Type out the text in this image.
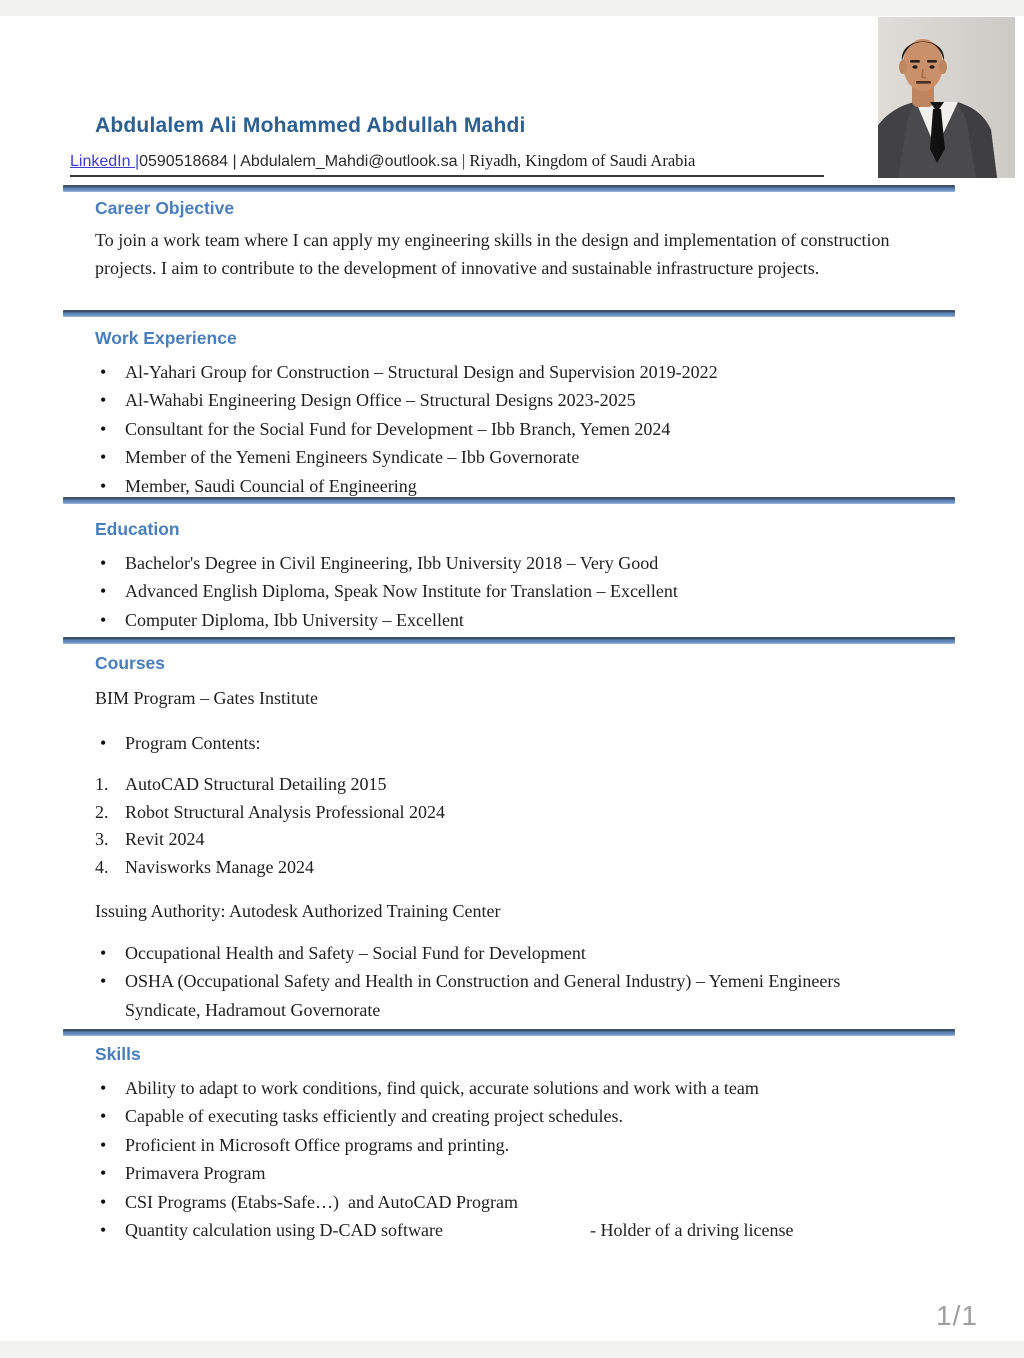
Abdulalem Ali Mohammed Abdullah Mahdi
LinkedIn |0590518684 | Abdulalem_Mahdi@outlook.sa | Riyadh, Kingdom of Saudi Arabia
Career Objective
To join a work team where I can apply my engineering skills in the design and implementation of construction projects. I aim to contribute to the development of innovative and sustainable infrastructure projects.
Work Experience
• Al-Yahari Group for Construction – Structural Design and Supervision 2019-2022
• Al-Wahabi Engineering Design Office – Structural Designs 2023-2025
• Consultant for the Social Fund for Development – Ibb Branch, Yemen 2024
• Member of the Yemeni Engineers Syndicate – Ibb Governorate
• Member, Saudi Councial of Engineering
Education
• Bachelor's Degree in Civil Engineering, Ibb University 2018 – Very Good
• Advanced English Diploma, Speak Now Institute for Translation – Excellent
• Computer Diploma, Ibb University – Excellent
Courses
BIM Program – Gates Institute
• Program Contents:
1. AutoCAD Structural Detailing 2015
2. Robot Structural Analysis Professional 2024
3. Revit 2024
4. Navisworks Manage 2024
Issuing Authority: Autodesk Authorized Training Center
• Occupational Health and Safety – Social Fund for Development
• OSHA (Occupational Safety and Health in Construction and General Industry) – Yemeni Engineers Syndicate, Hadramout Governorate
Skills
• Ability to adapt to work conditions, find quick, accurate solutions and work with a team
• Capable of executing tasks efficiently and creating project schedules.
• Proficient in Microsoft Office programs and printing.
• Primavera Program
• CSI Programs (Etabs-Safe…)  and AutoCAD Program
• Quantity calculation using D-CAD software	- Holder of a driving license
1/1
